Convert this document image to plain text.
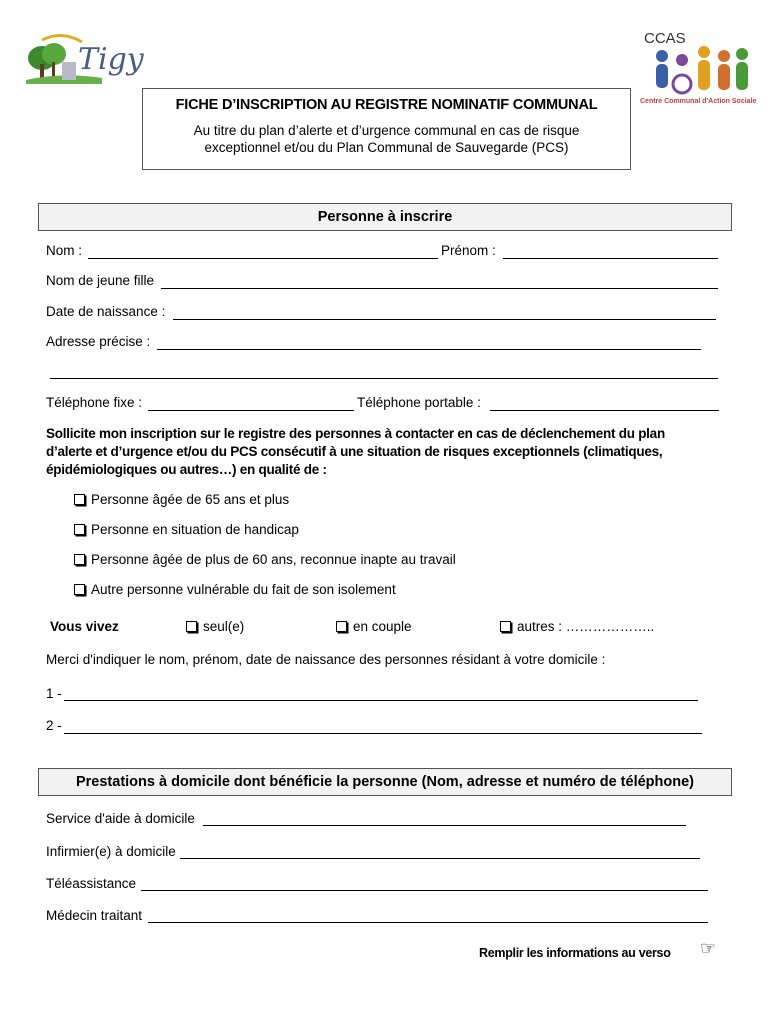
Tigy
CCAS
Centre Communal d'Action Sociale
FICHE D’INSCRIPTION AU REGISTRE NOMINATIF COMMUNAL
Au titre du plan d’alerte et d’urgence communal en cas de risque
exceptionnel et/ou du Plan Communal de Sauvegarde (PCS)
Personne à inscrire
Nom :	Prénom :
Nom de jeune fille
Date de naissance :
Adresse précise :
Téléphone fixe :	Téléphone portable :
Sollicite mon inscription sur le registre des personnes à contacter en cas de déclenchement du plan
d’alerte et d’urgence et/ou du PCS consécutif à une situation de risques exceptionnels (climatiques,
épidémiologiques ou autres…) en qualité de :
Personne âgée de 65 ans et plus
Personne en situation de handicap
Personne âgée de plus de 60 ans, reconnue inapte au travail
Autre personne vulnérable du fait de son isolement
Vous vivez	seul(e)	en couple	autres : ………………..
Merci d'indiquer le nom, prénom, date de naissance des personnes résidant à votre domicile :
1 -
2 -
Prestations à domicile dont bénéficie la personne (Nom, adresse et numéro de téléphone)
Service d'aide à domicile
Infirmier(e) à domicile
Téléassistance
Médecin traitant
Remplir les informations au verso ☞
